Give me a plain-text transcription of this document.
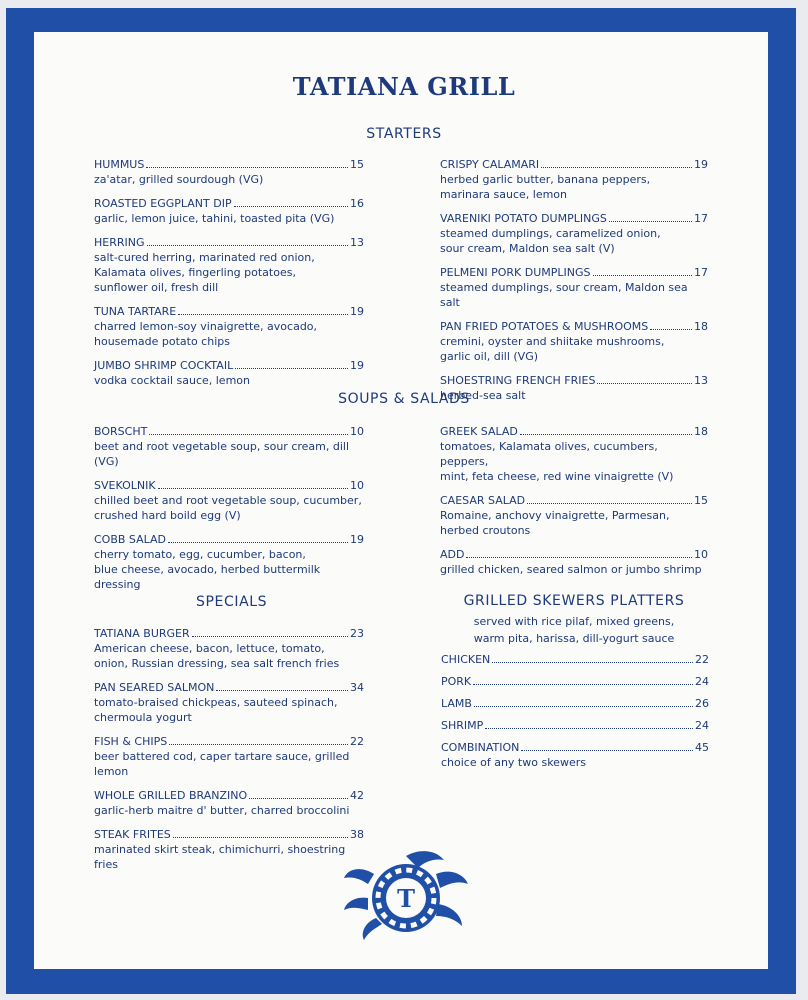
TATIANA GRILL
STARTERS
HUMMUS	15
za'atar, grilled sourdough (VG)
ROASTED EGGPLANT DIP	16
garlic, lemon juice, tahini, toasted pita (VG)
HERRING	13
salt-cured herring, marinated red onion,
Kalamata olives, fingerling potatoes,
sunflower oil, fresh dill
TUNA TARTARE	19
charred lemon-soy vinaigrette, avocado,
housemade potato chips
JUMBO SHRIMP COCKTAIL	19
vodka cocktail sauce, lemon
CRISPY CALAMARI	19
herbed garlic butter, banana peppers,
marinara sauce, lemon
VARENIKI POTATO DUMPLINGS	17
steamed dumplings, caramelized onion,
sour cream, Maldon sea salt (V)
PELMENI PORK DUMPLINGS	17
steamed dumplings, sour cream, Maldon sea salt
PAN FRIED POTATOES & MUSHROOMS	18
cremini, oyster and shiitake mushrooms,
garlic oil, dill (VG)
SHOESTRING FRENCH FRIES	13
herbed-sea salt
SOUPS & SALADS
BORSCHT	10
beet and root vegetable soup, sour cream, dill (VG)
SVEKOLNIK	10
chilled beet and root vegetable soup, cucumber,
crushed hard boild egg (V)
COBB SALAD	19
cherry tomato, egg, cucumber, bacon,
blue cheese, avocado, herbed buttermilk dressing
GREEK SALAD	18
tomatoes, Kalamata olives, cucumbers, peppers,
mint, feta cheese, red wine vinaigrette (V)
CAESAR SALAD	15
Romaine, anchovy vinaigrette, Parmesan,
herbed croutons
ADD	10
grilled chicken, seared salmon or jumbo shrimp
SPECIALS
TATIANA BURGER	23
American cheese, bacon, lettuce, tomato,
onion, Russian dressing, sea salt french fries
PAN SEARED SALMON	34
tomato-braised chickpeas, sauteed spinach,
chermoula yogurt
FISH & CHIPS	22
beer battered cod, caper tartare sauce, grilled lemon
WHOLE GRILLED BRANZINO	42
garlic-herb maitre d' butter, charred broccolini
STEAK FRITES	38
marinated skirt steak, chimichurri, shoestring fries
GRILLED SKEWERS PLATTERS
served with rice pilaf, mixed greens,
warm pita, harissa, dill-yogurt sauce
CHICKEN	22
PORK	24
LAMB	26
SHRIMP	24
COMBINATION	45
choice of any two skewers
T
